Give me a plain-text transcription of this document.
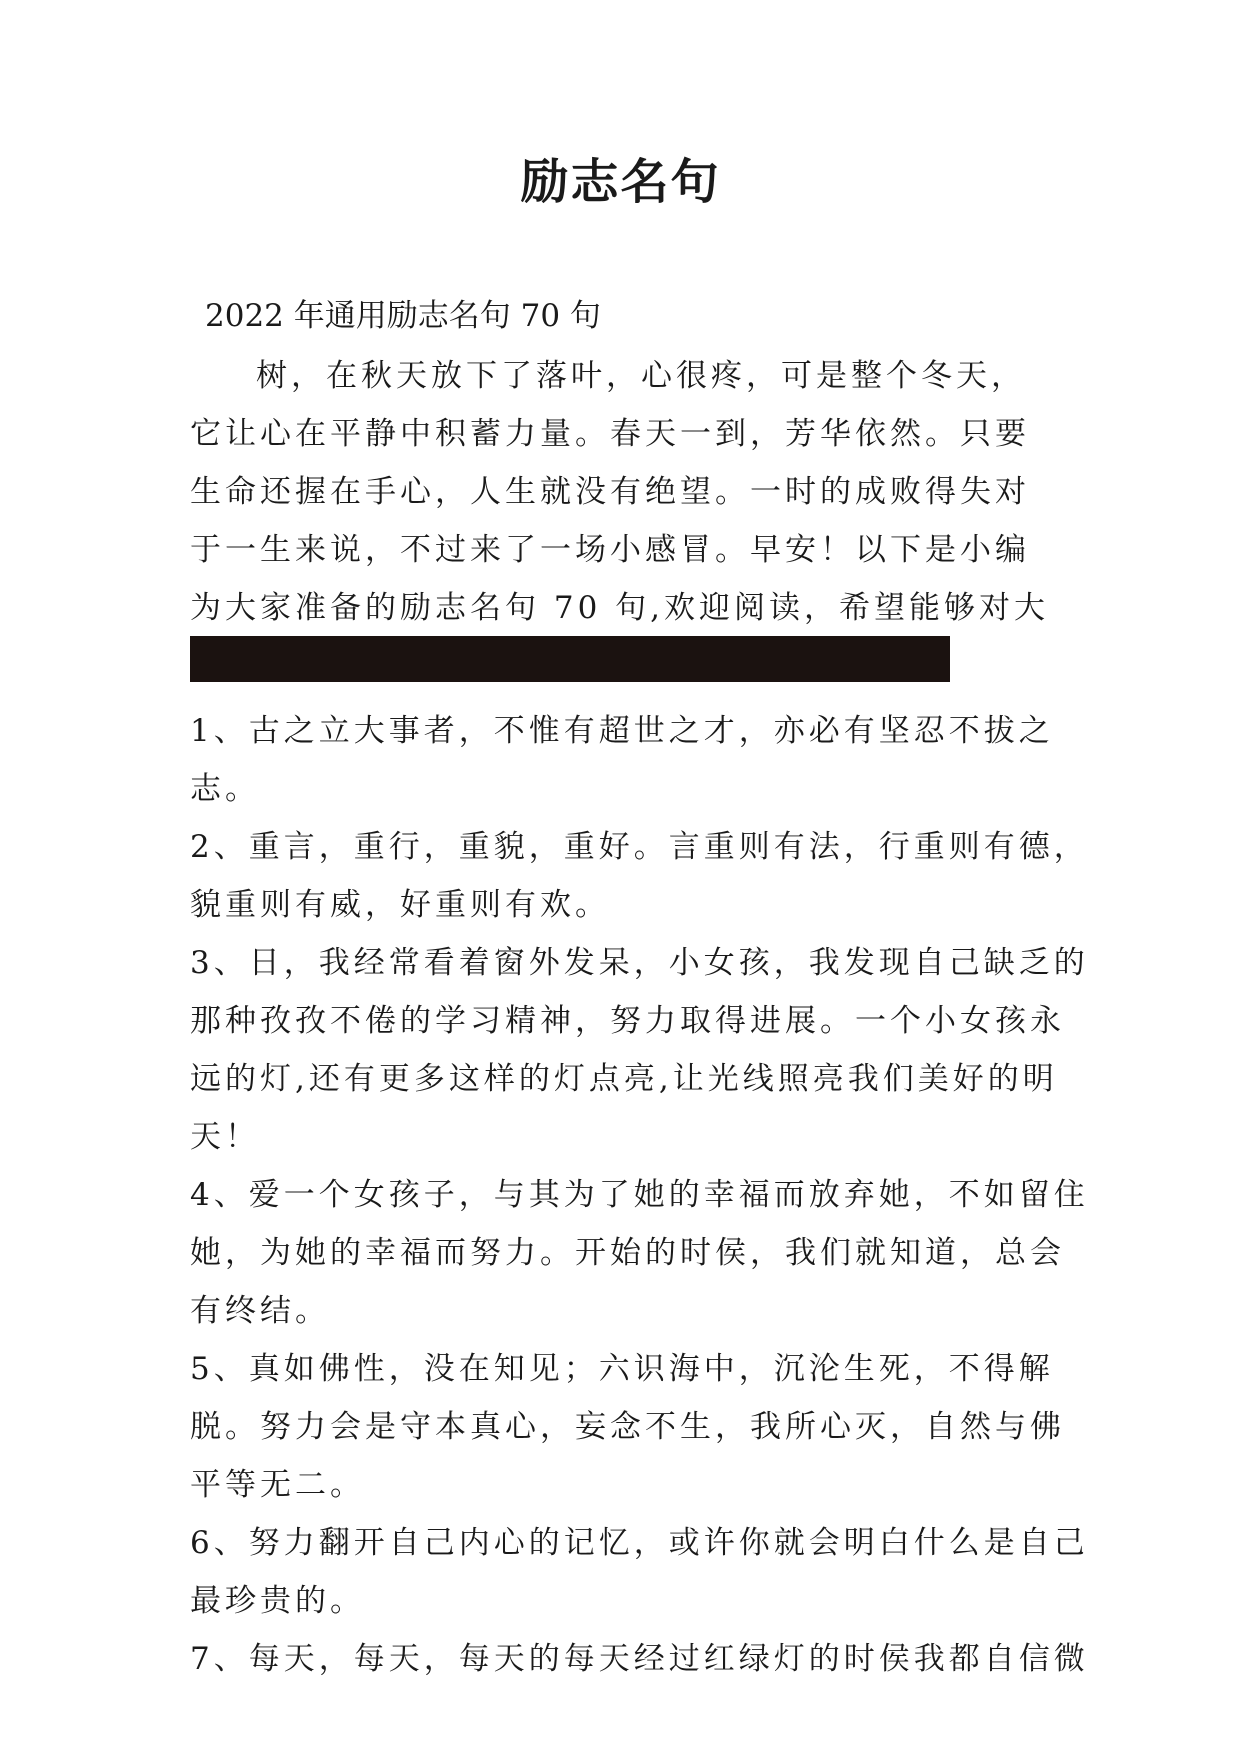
励志名句

2022 年通用励志名句 70 句

树，在秋天放下了落叶，心很疼，可是整个冬天，它让心在平静中积蓄力量。春天一到，芳华依然。只要生命还握在手心，人生就没有绝望。一时的成败得失对于一生来说，不过来了一场小感冒。早安！以下是小编为大家准备的励志名句 70 句,欢迎阅读，希望能够对大

1、古之立大事者，不惟有超世之才，亦必有坚忍不拔之志。

2、重言，重行，重貌，重好。言重则有法，行重则有德，貌重则有威，好重则有欢。

3、日，我经常看着窗外发呆，小女孩，我发现自己缺乏的那种孜孜不倦的学习精神，努力取得进展。一个小女孩永远的灯,还有更多这样的灯点亮,让光线照亮我们美好的明天！

4、爱一个女孩子，与其为了她的幸福而放弃她，不如留住她，为她的幸福而努力。开始的时侯，我们就知道，总会有终结。

5、真如佛性，没在知见；六识海中，沉沦生死，不得解脱。努力会是守本真心，妄念不生，我所心灭，自然与佛平等无二。

6、努力翻开自己内心的记忆，或许你就会明白什么是自己最珍贵的。

7、每天，每天，每天的每天经过红绿灯的时侯我都自信微
